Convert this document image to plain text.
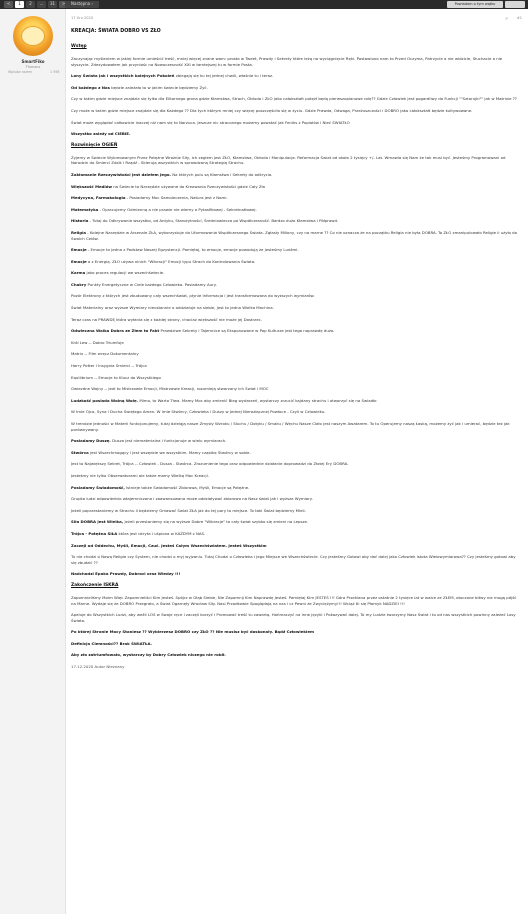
<	1	2	...	31	>	Następna ›	Powiadom o tym wątku
SmartFiko
Tłumacz
Wpisów razem	1 598
17 Gru 2020	↗	#1
KREACJA: ŚWIATA DOBRO VS ZŁO
Wstęp

Zaczynając myśleniem w jakiej formie umieścić treść, mniej więcej znane wam: prosto w Tweet, Prawdy i Sekrety które leżą na wyciągnięcie Ręki. Postawiono nam to Przed Oczyma, Patrzycie a nie widzicie, Słuchacie a nie słyszycie. Zdezydowałem jak przyniośc na Nowoczesność XXI w tamtejszej tu w formie Posta.

Lony Świata jak i wszystkich kolejnych Pokoleń zbiegają się ku tej jednej chwili, właśnie tu i teraz.

Od każdego z Nas będzie zależało to w jakim świecie będziemy Żyć.

Czy w takim gdzie miejsce znajdzie się tylko dla Elitarnego grona gdzie Kłamstwa, Strach, Obłuda i ZŁO jako całokształt potężł będą pierwszoplanowe rolę?? Gdzie Człowiek jest pogardliwy do Funkcji ""Sztorujki"" jak w Matrixie ??

Czy może w takim gdzie miejsce znajdzie się dla Każdego ?? Dla tych którym mniej czy więcej poszczęściło się w życiu. Gdzie Prawda, Odwaga, Przeżuszczości i DOBRO jako całokształt będzie kultywowane.

Świat może wyglądać całkowicie inaczej niż nam się to Narzuca. Jeszcze nic straconego możemy powstać jak Feniks z Popiołów i Nieć ŚWIATŁO

Wszystko zależy od CIEBIE.

Rozwinięcie OGIEŃ

Żyjemy w Świecie Wykreowanym Przez Potężne Wrożnie Siły, ich zeglem jest ZŁO, Kłamstwa, Obłuda i Manipulacje. Reformacja Świat od około 2 tysięcy +/- Lat. Wmawia się Nam że tak musi być. Jesteśmy Programowani od Narodzin do Śmierci Zdzik i Rządź - Sklerują wszystkich w sprawdzoną Strategią Strachu.

Zakłamanie Rzeczywistości jest dziełem Jego. Na których polu są Kłamstwa i Sekrety do odkrycia.

Większość Mediów na Świecie to Narzędzie używane do Kreowania Rzeczywistości gdzie Cały Zła

Medycyna, Farmakologia - Posiadamy Moc Samoleczenia, Natura jest z Nami.

Matematyka - Opracujemy Odmienną a nie prawie nie wiemy o Pytasfikowej - Sekretnatłowej.

Historia - Tutaj do Odkrywania wszystko, od Antyku, Starożytności, Średniowiecza po Współczesność. Bardzo dużo Kłamstwa i Półprawd.

Religia - Kolejne Narzędzie w Arsenale ZŁA, wykorzystuje do Uformowania Współczesnego Świata. Zgłasły Miliony, czy na marne ?? Co nie oznacza że na początku Religia nie była DOBRA. To ZŁO zmanipulowało Religie ii użyło do Swoich Celów.

Emocje - Emocje to jedna z Podstaw Naszej Egzystencji. Pamiętaj, to emocje, emocje powodują że jesteśmy Ludźmi.

Emocje a z Energią. ZŁO używa ninich "Wibracji" Emocji typu Strach do Kontrolowania Świata.

Karma jako proces regulacji we wszechświecie.

Chakry Punkty Energetyczne w Ciele każdego Człowieka. Posiadamy Aury.

Pozór Elektrony z których jest zbudowany cały wszechświat, płynie Informacja i jest transformowana do wyższych wymiarów.

Świat Materialny oraz wyższe Wymiary nieustannie o oddziałuje na siebie, jest to jedna Wielka Machina.

Teraz czas na PRAWDĘ która wyłania się z każdej strony, chociaż większość nie może jej Dostrzec.

Odwieczna Walka Dobra ze Złem to Fakt Prawdziwe Sekrety i Tajemnice są Eksponowane w Pop Kulturze jest tego naprawdę dużo.

Król Lew -- Dobro Triumfuje

Matrix -- Film wręcz Dokumentalny

Harry Potter i Insygnia Śmierci -- Trójca

Equilibrium -- Emocje to Klucz do Wszystkiego

Gwiezdne Wojny -- Jedi to Mistrzowie Emocji, Mistrzowie Kreacji, rozumieją stworzony ich Świat i MOC

Ludzkość posiada Wolną Wolę. Mimo, to Warto Tłwa. Mamy Moc aby zmienić Bieg wydarzeń, wystarczy zrzucić kajdany strachu i otworzyć się na Świadło

W Imie Ojca, Syna i Ducha Świętego Amen. W imie Stwórcy, Człowieka i Duszy w Jednej Nierozłącznej Powłoce - Czyli w Człowieku.

W trendzie jedności w Materii funkcjonujemy, tutaj dzieląją nasze Zmysły Wzroku / Słuchu / Dotyku / Smaku / Węchu Nasze Ciało jest naszym Awatarem. To tu Operujemy naszą Łaską, możemy żyć jak i umierać, będzie też jak porównywany.

Posiadamy Duszę. Dusza jest niematerialna i funkcjonuje w wielu wymiarach.

Stwórca jest Wszechmogący i jest wszędzie we wszystkim. Mamy cząstkę Stwórcy w sobie.

Jest to Największy Sekret, Trójca -- Człowiek - Dusza - Stwórca. Zrozumienie tego oraz odpowiednie działanie doprowadzi do Złotej Ery DOBRA.

Jesteśmy nie tylko Obserwatorami ale także mamy Wielką Moc Kreacji.

Posiadamy Świadomość, Istnieje także Świadomość Zbiorowa, Myśli, Emocje są Potężne.

Grupka ludzi odpowiednio wtajemniczona i zaawansowana może oddziaływać zbiorowo na Nasz świat jak i wyższe Wymiary.

Jeżeli poprzestaniemy w Strachu il będziemy Gmawać Świat ZŁA jak do tej pory to miejsce. To taki Świat będziemy Mieli.

Siła DOBRA jest Wielka, jeżeli przestaniemy się na wyższe Dobre "Wibracje" to cały świat szybko się zmieni na Lepsze.

Trójca - Potężna SIŁA która jest ukryta i uśpiona w KAŻDYM z NAS.

Zaczeji od Oddechu, Myśli, Emocji, Czuć. Jesteś Całym Wszechświatem. Jesteś Wszystkim

Tu nie chodzi o Nową Religie czy System, nie chodzi o myj wyjzaniu. Tutaj Chodzi o Człowieka i jego Miejsce we Wszechświecie. Czy jesteśmy Gotowi aby dać dalej jako Człowiek istota Wielowymiarowa?? Czy jesteśmy gotowi aby się zbudzić ??

Nadchodzi Epoka Prawdy, Dobroci oraz Wiedzy !!!

Zakończenie ISKRA

Zapomnieliśmy Moim Więc Zapomnieliści Kim Jesteś. Spójrz w Głąb Siebie, Nie Zapomnij Kim Naprawdę Jesteś. Pamiętaj Kim JESTEŚ !!! Góra Przeklana przez ostatnie 2 tysięce lat w walce ze ZŁEM, otoczone bitwy nie mogą pójść na Marne. Wydaje się że DOBRO Przegrało, a Świat Ogarnęły Wrocław Siły. Nasi Przodkowie Spoglądają na nas i cz Pewni że Zwyciężymy!!! Wciąż tli się Płomyk NADZIEI !!!

Apeluje do Wszystkich Ludzi, aby weźli LOS w Swoje ręce i zaczęli korzyć i Promować treść tu zawartą. Hańmaczyć na inne języki i Pokazywać dalej. To my Ludzie tworzymy Nasz Świat i to od nas wszystkich powinny zależeć Losy Świata.

Po której Stronie Mocy Staniesz ?? Wybierzesz DOBRO czy ZŁO ?? Nie musisz być doskonały. Bądź Człowiekiem

Definicja Ciemności?? Brak ŚWIATŁA.

Aby zło zatriumfowało, wystarczy by Dobry Człowiek niczego nie robił.

17.12.2020 Autor Nieznany
